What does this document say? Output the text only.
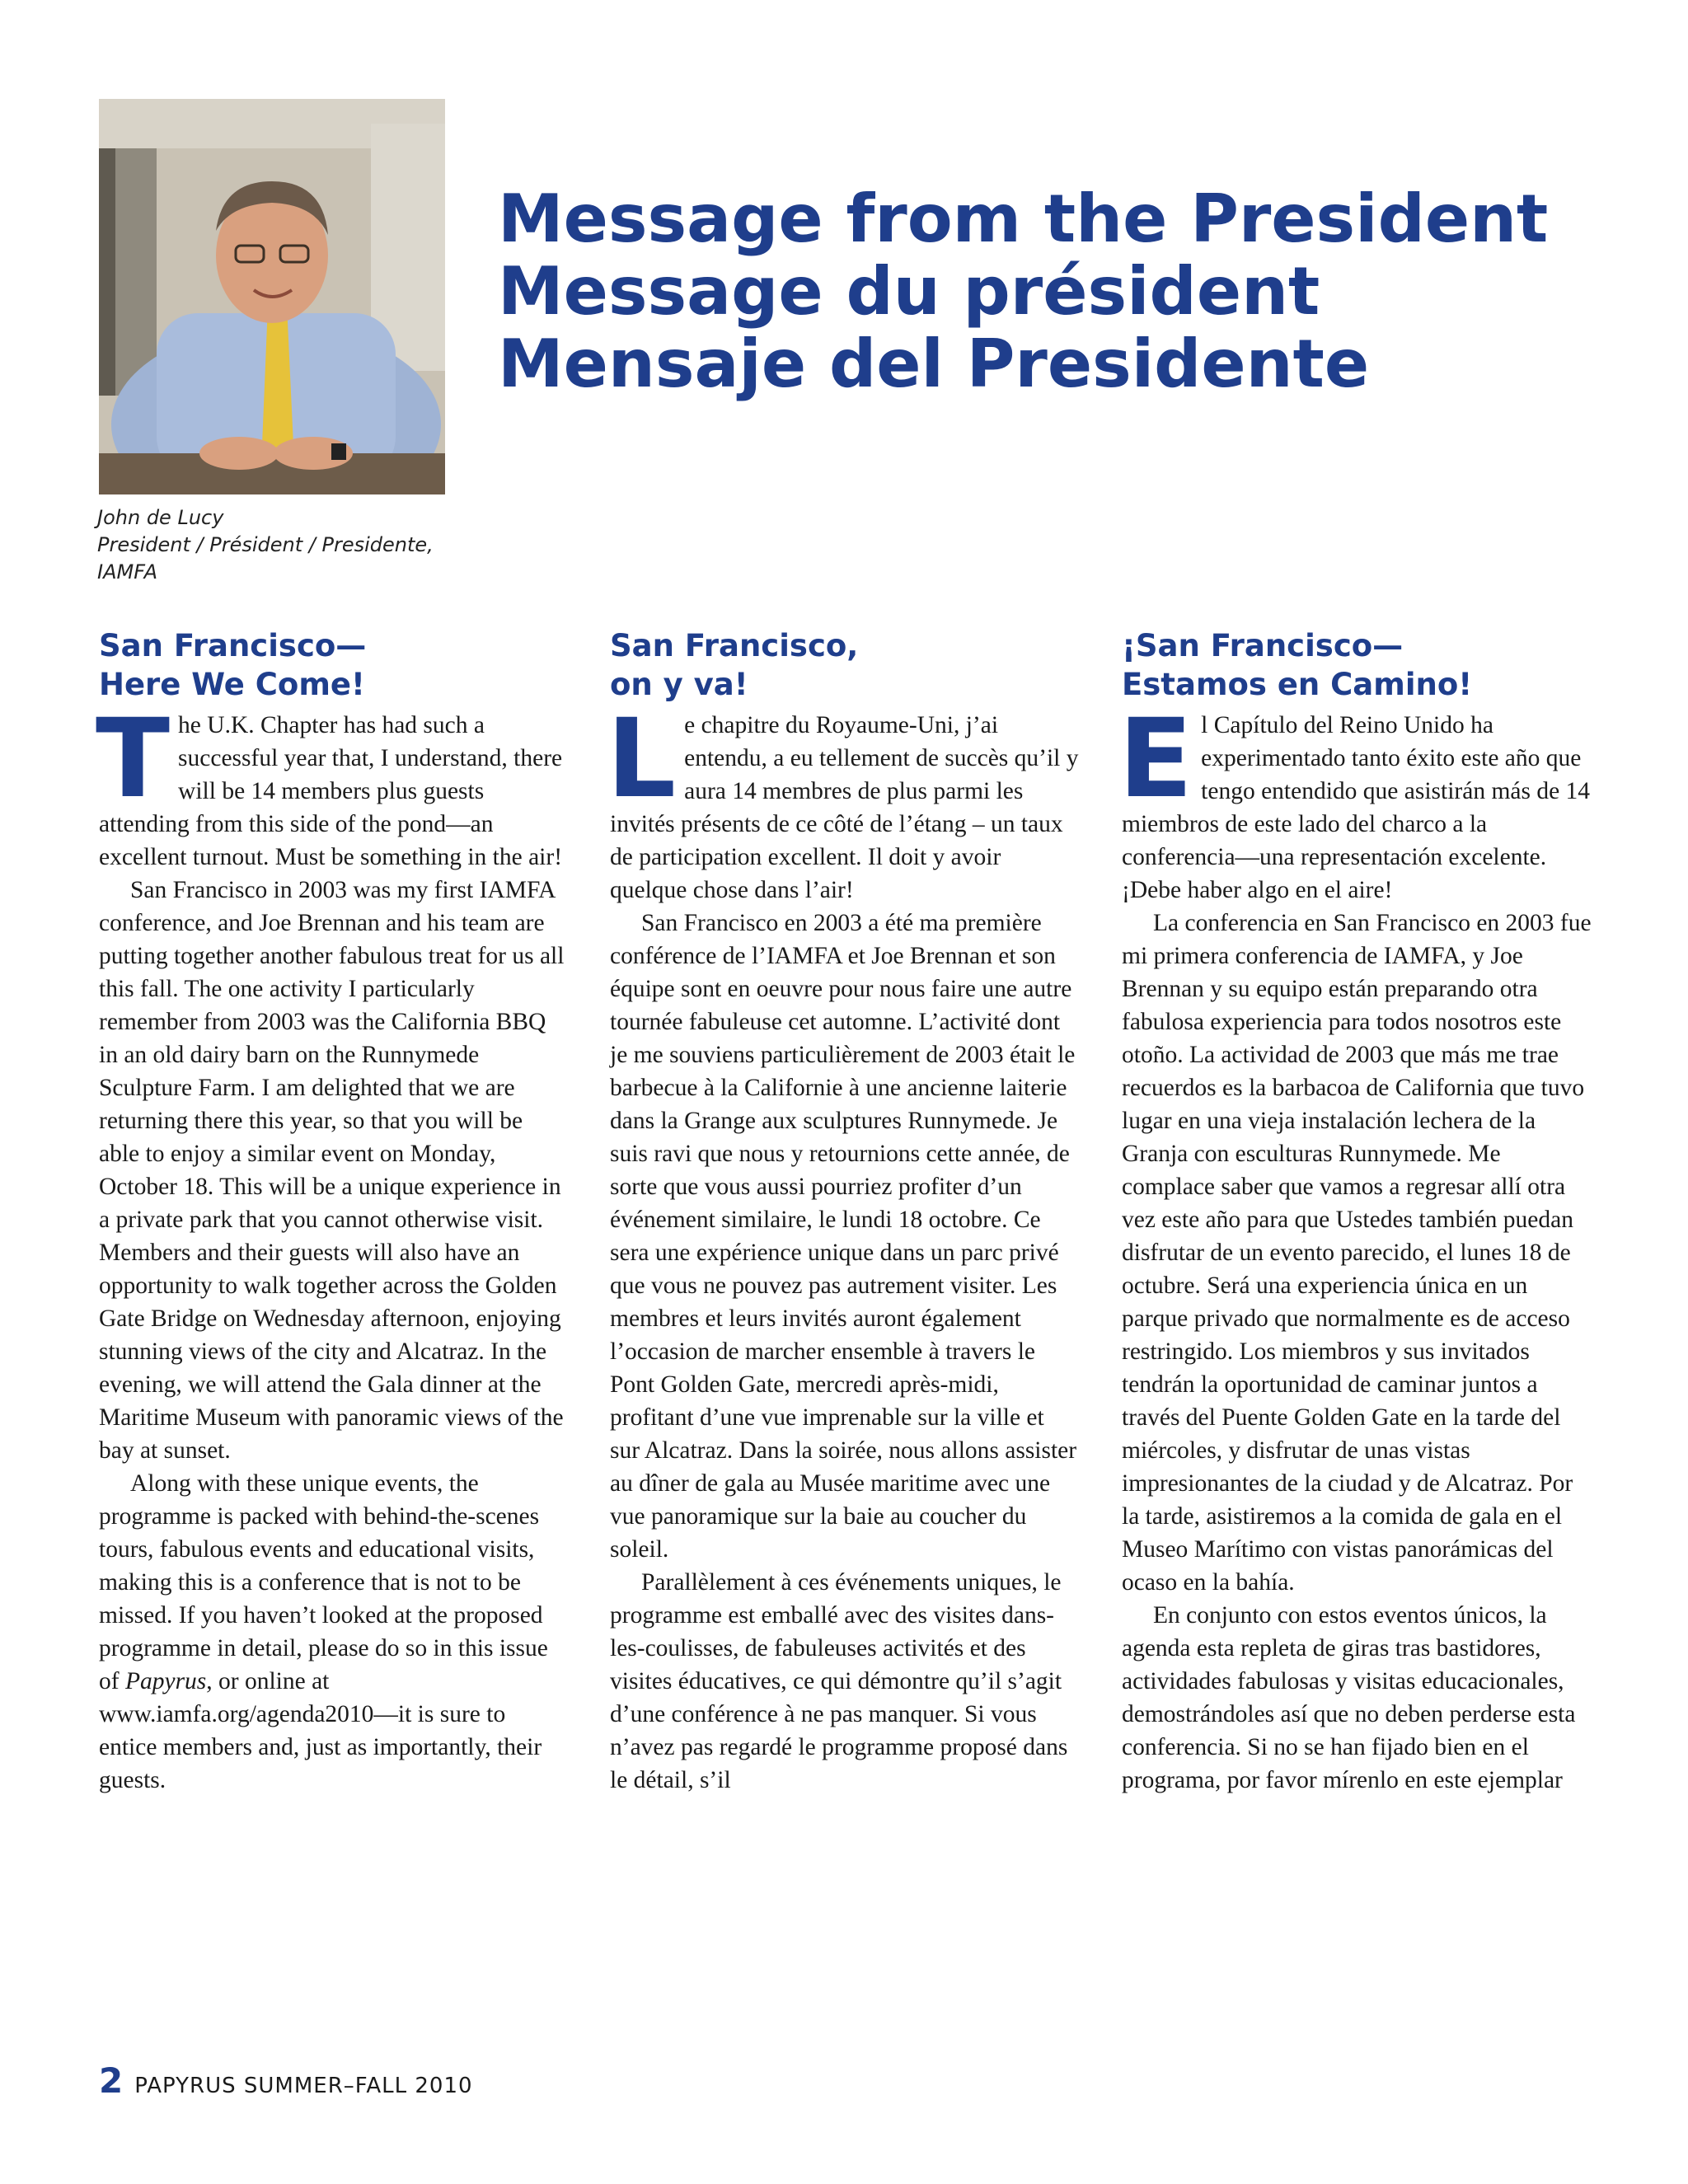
John de Lucy
President / Président / Presidente,
IAMFA
Message from the President
Message du président
Mensaje del Presidente
San Francisco—
Here We Come!

The U.K. Chapter has had such a successful year that, I understand, there will be 14 members plus guests attending from this side of the pond—an excellent turnout. Must be something in the air!

San Francisco in 2003 was my first IAMFA conference, and Joe Brennan and his team are putting together another fabulous treat for us all this fall. The one activity I particularly remember from 2003 was the California BBQ in an old dairy barn on the Runnymede Sculpture Farm. I am delighted that we are returning there this year, so that you will be able to enjoy a similar event on Monday, October 18. This will be a unique experience in a private park that you cannot otherwise visit. Members and their guests will also have an opportunity to walk together across the Golden Gate Bridge on Wednesday afternoon, enjoying stunning views of the city and Alcatraz. In the evening, we will attend the Gala dinner at the Maritime Museum with panoramic views of the bay at sunset.

Along with these unique events, the programme is packed with behind-the-scenes tours, fabulous events and educational visits, making this is a conference that is not to be missed. If you haven’t looked at the proposed programme in detail, please do so in this issue of Papyrus, or online at www.iamfa.org/agenda2010—it is sure to entice members and, just as importantly, their guests.

San Francisco,
on y va!

Le chapitre du Royaume-Uni, j’ai entendu, a eu tellement de succès qu’il y aura 14 membres de plus parmi les invités présents de ce côté de l’étang – un taux de participation excellent. Il doit y avoir quelque chose dans l’air!

San Francisco en 2003 a été ma première conférence de l’IAMFA et Joe Brennan et son équipe sont en oeuvre pour nous faire une autre tournée fabuleuse cet automne. L’activité dont je me souviens particulièrement de 2003 était le barbecue à la Californie à une ancienne laiterie dans la Grange aux sculptures Runnymede. Je suis ravi que nous y retournions cette année, de sorte que vous aussi pourriez profiter d’un événement similaire, le lundi 18 octobre. Ce sera une expérience unique dans un parc privé que vous ne pouvez pas autrement visiter. Les membres et leurs invités auront également l’occasion de marcher ensemble à travers le Pont Golden Gate, mercredi après-midi, profitant d’une vue imprenable sur la ville et sur Alcatraz. Dans la soirée, nous allons assister au dîner de gala au Musée maritime avec une vue panoramique sur la baie au coucher du soleil.

Parallèlement à ces événements uniques, le programme est emballé avec des visites dans-les-coulisses, de fabuleuses activités et des visites éducatives, ce qui démontre qu’il s’agit d’une conférence à ne pas manquer. Si vous n’avez pas regardé le programme proposé dans le détail, s’il

¡San Francisco—
Estamos en Camino!

El Capítulo del Reino Unido ha experimentado tanto éxito este año que tengo entendido que asistirán más de 14 miembros de este lado del charco a la conferencia—una representación excelente. ¡Debe haber algo en el aire!

La conferencia en San Francisco en 2003 fue mi primera conferencia de IAMFA, y Joe Brennan y su equipo están preparando otra fabulosa experiencia para todos nosotros este otoño. La actividad de 2003 que más me trae recuerdos es la barbacoa de California que tuvo lugar en una vieja instalación lechera de la Granja con esculturas Runnymede. Me complace saber que vamos a regresar allí otra vez este año para que Ustedes también puedan disfrutar de un evento parecido, el lunes 18 de octubre. Será una experiencia única en un parque privado que normalmente es de acceso restringido. Los miembros y sus invitados tendrán la oportunidad de caminar juntos a través del Puente Golden Gate en la tarde del miércoles, y disfrutar de unas vistas impresionantes de la ciudad y de Alcatraz. Por la tarde, asistiremos a la comida de gala en el Museo Marítimo con vistas panorámicas del ocaso en la bahía.

En conjunto con estos eventos únicos, la agenda esta repleta de giras tras bastidores, actividades fabulosas y visitas educacionales, demostrándoles así que no deben perderse esta conferencia. Si no se han fijado bien en el programa, por favor mírenlo en este ejemplar

2 PAPYRUS SUMMER–FALL 2010
